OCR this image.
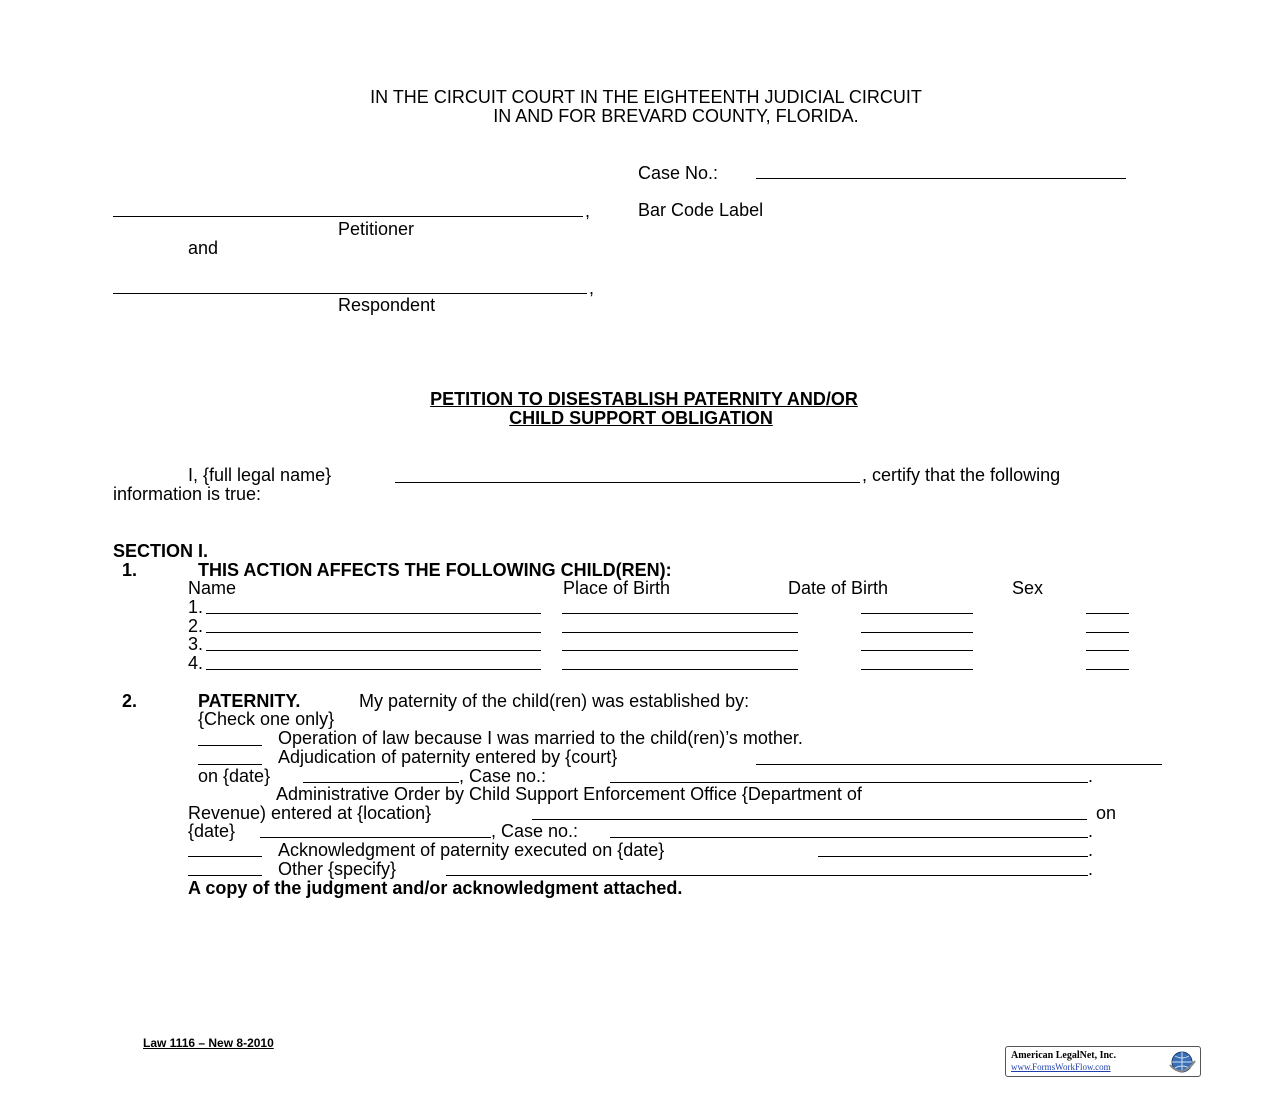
IN THE CIRCUIT COURT IN THE EIGHTEENTH JUDICIAL CIRCUIT
IN AND FOR BREVARD COUNTY, FLORIDA.
Case No.:
Bar Code Label
,
Petitioner
and
,
Respondent
PETITION TO DISESTABLISH PATERNITY AND/OR
CHILD SUPPORT OBLIGATION
I, {full legal name}	, certify that the following
information is true:
SECTION I.
1.	THIS ACTION AFFECTS THE FOLLOWING CHILD(REN):
Name	Place of Birth	Date of Birth	Sex
1.
2.
3.
4.
2.	PATERNITY.	My paternity of the child(ren) was established by:
{Check one only}
Operation of law because I was married to the child(ren)’s mother.
Adjudication of paternity entered by {court}
on {date}	, Case no.:	.
Administrative Order by Child Support Enforcement Office {Department of
Revenue) entered at {location}	on
{date}	, Case no.:	.
Acknowledgment of paternity executed on {date}	.
Other {specify}	.
A copy of the judgment and/or acknowledgment attached.
Law 1116 – New 8-2010
American LegalNet, Inc.
www.FormsWorkFlow.com
